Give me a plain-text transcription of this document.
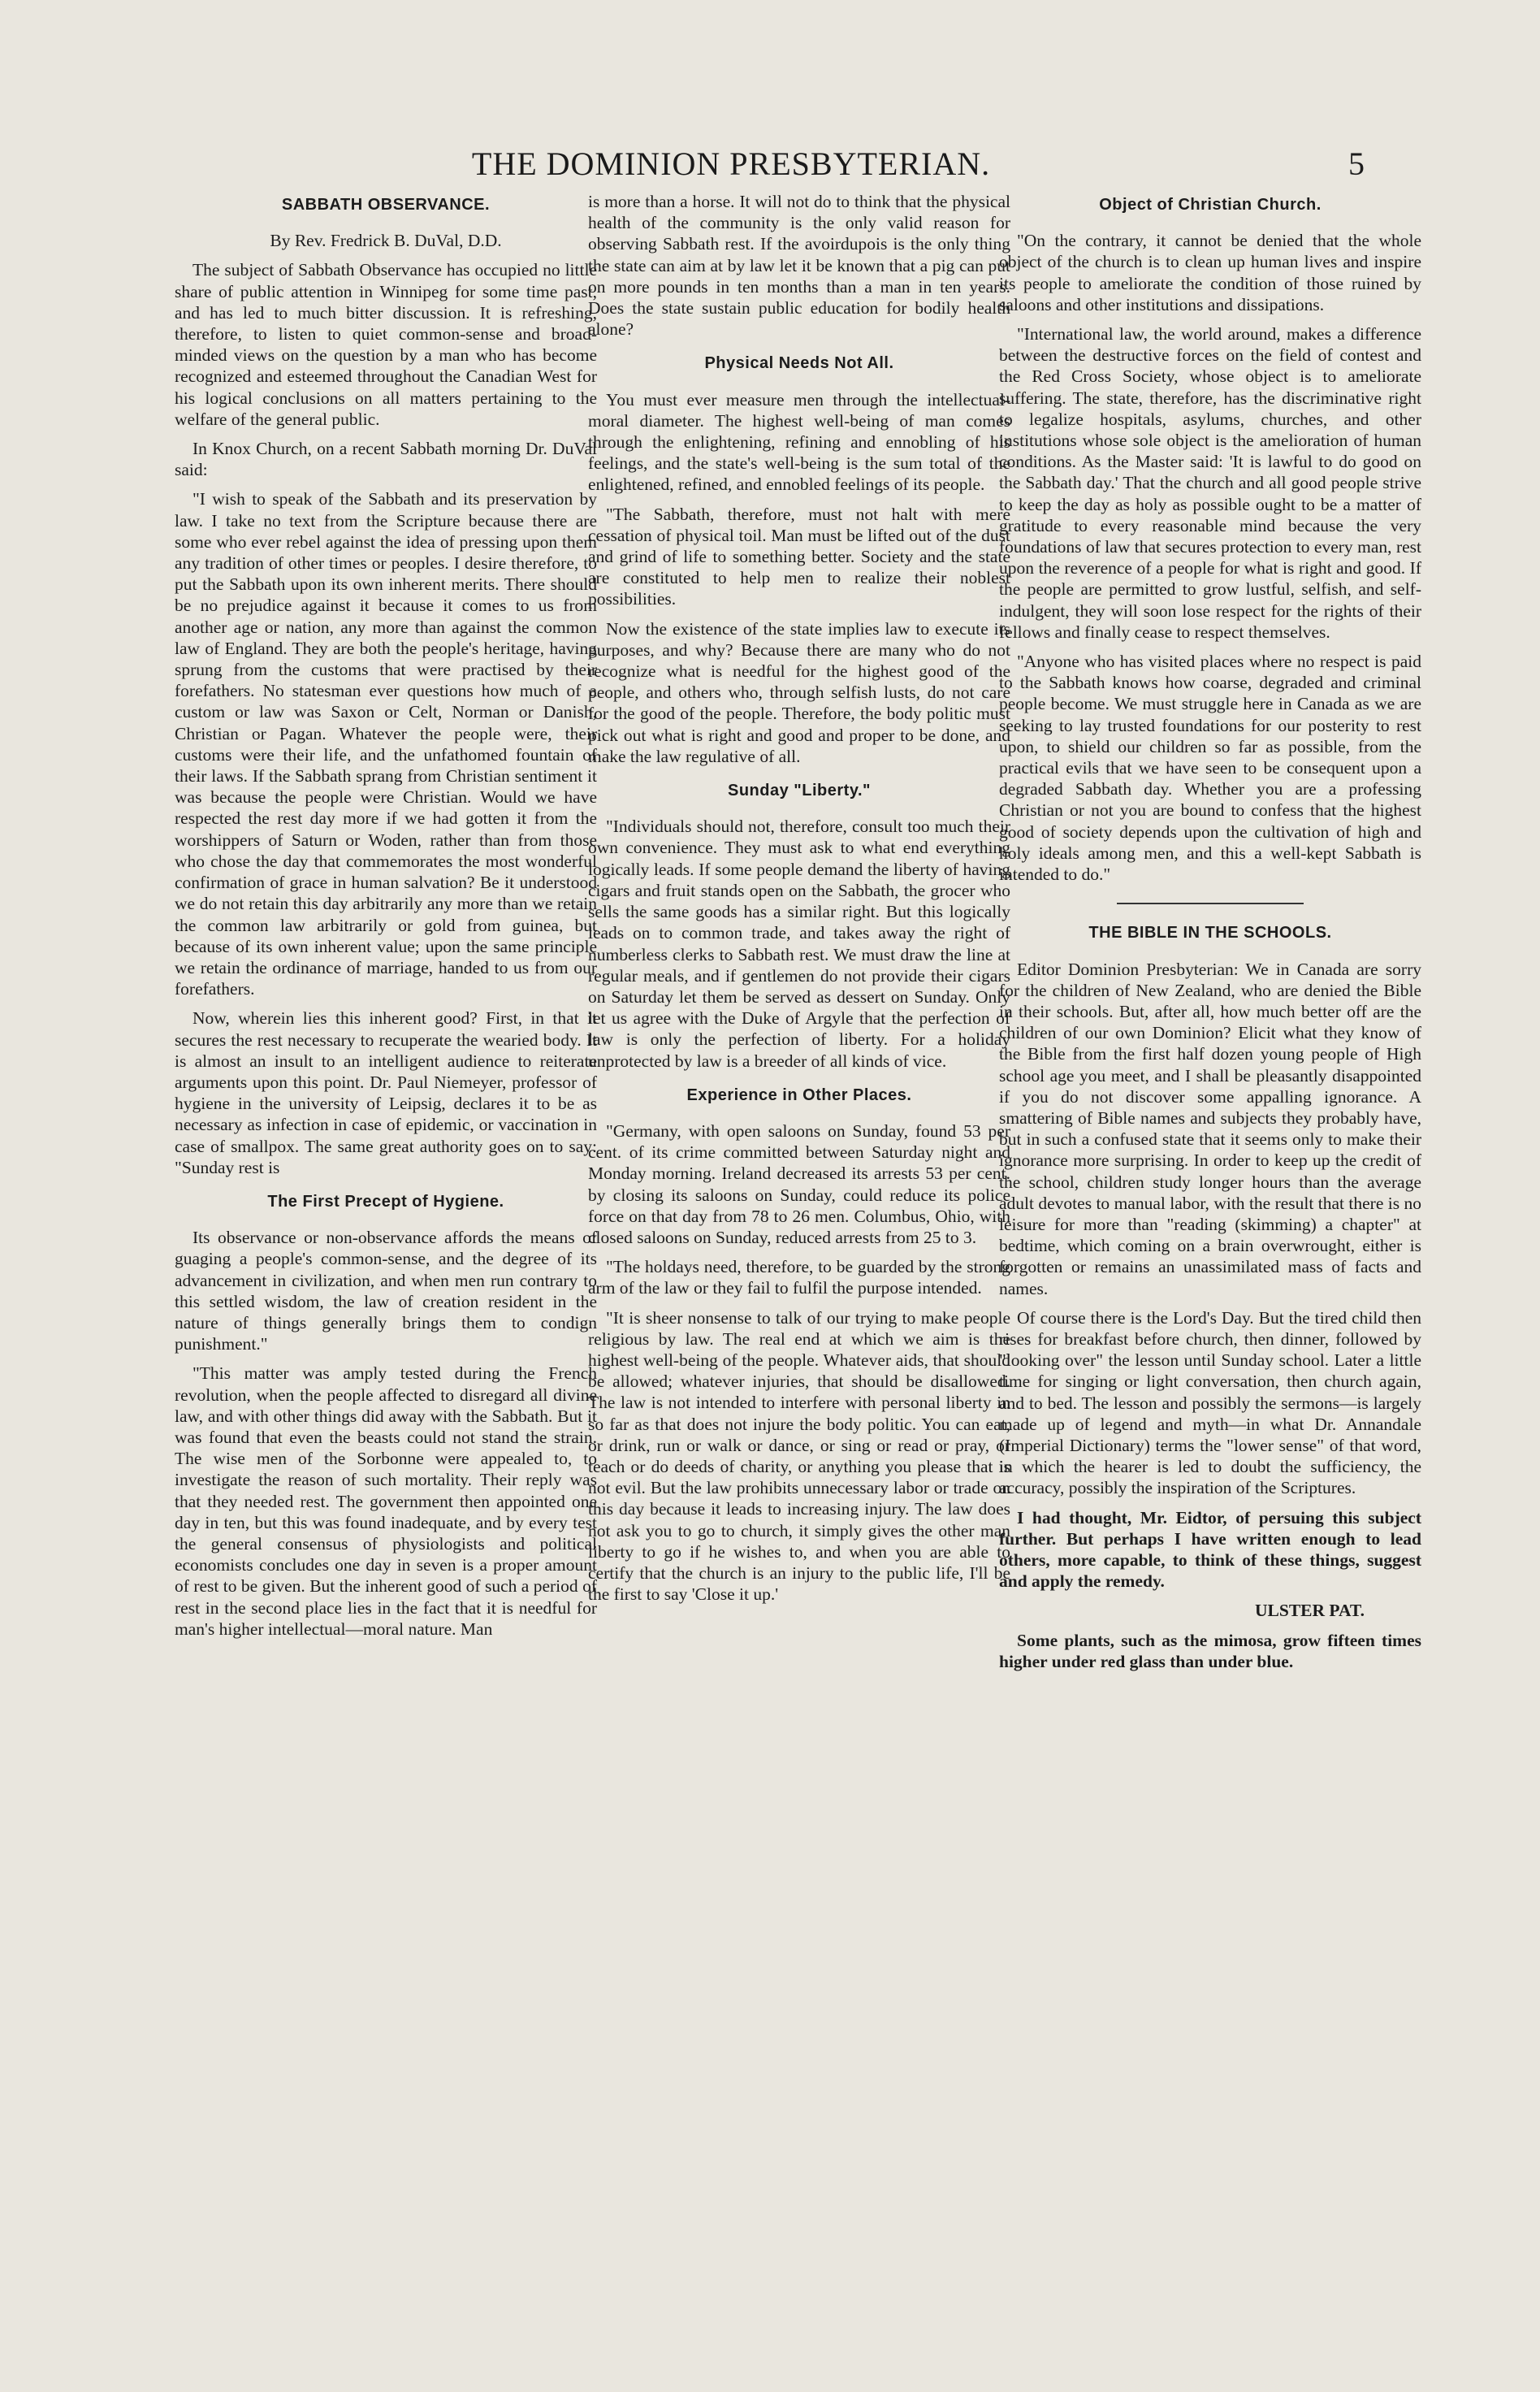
THE DOMINION PRESBYTERIAN.	5
SABBATH OBSERVANCE.

By Rev. Fredrick B. DuVal, D.D.

The subject of Sabbath Observance has occupied no little share of public attention in Winnipeg for some time past, and has led to much bitter discussion. It is refreshing, therefore, to listen to quiet common-sense and broad-minded views on the question by a man who has become recognized and esteemed throughout the Canadian West for his logical conclusions on all matters pertaining to the welfare of the general public.

In Knox Church, on a recent Sabbath morning Dr. DuVal said:

"I wish to speak of the Sabbath and its preservation by law. I take no text from the Scripture because there are some who ever rebel against the idea of pressing upon them any tradition of other times or peoples. I desire therefore, to put the Sabbath upon its own inherent merits. There should be no prejudice against it because it comes to us from another age or nation, any more than against the common law of England. They are both the people's heritage, having sprung from the customs that were practised by their forefathers. No statesman ever questions how much of a custom or law was Saxon or Celt, Norman or Danish, Christian or Pagan. Whatever the people were, their customs were their life, and the unfathomed fountain of their laws. If the Sabbath sprang from Christian sentiment it was because the people were Christian. Would we have respected the rest day more if we had gotten it from the worshippers of Saturn or Woden, rather than from those who chose the day that commemorates the most wonderful confirmation of grace in human salvation? Be it understood we do not retain this day arbitrarily any more than we retain the common law arbitrarily or gold from guinea, but because of its own inherent value; upon the same principle we retain the ordinance of marriage, handed to us from our forefathers.

Now, wherein lies this inherent good? First, in that it secures the rest necessary to recuperate the wearied body. It is almost an insult to an intelligent audience to reiterate arguments upon this point. Dr. Paul Niemeyer, professor of hygiene in the university of Leipsig, declares it to be as necessary as infection in case of epidemic, or vaccination in case of smallpox. The same great authority goes on to say: "Sunday rest is

The First Precept of Hygiene.

Its observance or non-observance affords the means of guaging a people's common-sense, and the degree of its advancement in civilization, and when men run contrary to this settled wisdom, the law of creation resident in the nature of things generally brings them to condign punishment."

"This matter was amply tested during the French revolution, when the people affected to disregard all divine law, and with other things did away with the Sabbath. But it was found that even the beasts could not stand the strain. The wise men of the Sorbonne were appealed to, to investigate the reason of such mortality. Their reply was that they needed rest. The government then appointed one day in ten, but this was found inadequate, and by every test the general consensus of physiologists and political economists concludes one day in seven is a proper amount of rest to be given. But the inherent good of such a period of rest in the second place lies in the fact that it is needful for man's higher intellectual—moral nature. Man

is more than a horse. It will not do to think that the physical health of the community is the only valid reason for observing Sabbath rest. If the avoirdupois is the only thing the state can aim at by law let it be known that a pig can put on more pounds in ten months than a man in ten years. Does the state sustain public education for bodily health alone?

Physical Needs Not All.

You must ever measure men through the intellectual-moral diameter. The highest well-being of man comes through the enlightening, refining and ennobling of his feelings, and the state's well-being is the sum total of the enlightened, refined, and ennobled feelings of its people.

"The Sabbath, therefore, must not halt with mere cessation of physical toil. Man must be lifted out of the dust and grind of life to something better. Society and the state are constituted to help men to realize their noblest possibilities.

Now the existence of the state implies law to execute its purposes, and why? Because there are many who do not recognize what is needful for the highest good of the people, and others who, through selfish lusts, do not care for the good of the people. Therefore, the body politic must pick out what is right and good and proper to be done, and make the law regulative of all.

Sunday "Liberty."

"Individuals should not, therefore, consult too much their own convenience. They must ask to what end everything logically leads. If some people demand the liberty of having cigars and fruit stands open on the Sabbath, the grocer who sells the same goods has a similar right. But this logically leads on to common trade, and takes away the right of numberless clerks to Sabbath rest. We must draw the line at regular meals, and if gentlemen do not provide their cigars on Saturday let them be served as dessert on Sunday. Only let us agree with the Duke of Argyle that the perfection of law is only the perfection of liberty. For a holiday unprotected by law is a breeder of all kinds of vice.

Experience in Other Places.

"Germany, with open saloons on Sunday, found 53 per cent. of its crime committed between Saturday night and Monday morning. Ireland decreased its arrests 53 per cent. by closing its saloons on Sunday, could reduce its police force on that day from 78 to 26 men. Columbus, Ohio, with closed saloons on Sunday, reduced arrests from 25 to 3.

"The holdays need, therefore, to be guarded by the strong arm of the law or they fail to fulfil the purpose intended.

"It is sheer nonsense to talk of our trying to make people religious by law. The real end at which we aim is the highest well-being of the people. Whatever aids, that should be allowed; whatever injuries, that should be disallowed. The law is not intended to interfere with personal liberty in so far as that does not injure the body politic. You can eat, or drink, run or walk or dance, or sing or read or pray, or teach or do deeds of charity, or anything you please that is not evil. But the law prohibits unnecessary labor or trade on this day because it leads to increasing injury. The law does not ask you to go to church, it simply gives the other man liberty to go if he wishes to, and when you are able to certify that the church is an injury to the public life, I'll be the first to say 'Close it up.'

Object of Christian Church.

"On the contrary, it cannot be denied that the whole object of the church is to clean up human lives and inspire its people to ameliorate the condition of those ruined by saloons and other institutions and dissipations.

"International law, the world around, makes a difference between the destructive forces on the field of contest and the Red Cross Society, whose object is to ameliorate suffering. The state, therefore, has the discriminative right to legalize hospitals, asylums, churches, and other institutions whose sole object is the amelioration of human conditions. As the Master said: 'It is lawful to do good on the Sabbath day.' That the church and all good people strive to keep the day as holy as possible ought to be a matter of gratitude to every reasonable mind because the very foundations of law that secures protection to every man, rest upon the reverence of a people for what is right and good. If the people are permitted to grow lustful, selfish, and self-indulgent, they will soon lose respect for the rights of their fellows and finally cease to respect themselves.

"Anyone who has visited places where no respect is paid to the Sabbath knows how coarse, degraded and criminal people become. We must struggle here in Canada as we are seeking to lay trusted foundations for our posterity to rest upon, to shield our children so far as possible, from the practical evils that we have seen to be consequent upon a degraded Sabbath day. Whether you are a professing Christian or not you are bound to confess that the highest good of society depends upon the cultivation of high and holy ideals among men, and this a well-kept Sabbath is intended to do."

THE BIBLE IN THE SCHOOLS.

Editor Dominion Presbyterian: We in Canada are sorry for the children of New Zealand, who are denied the Bible in their schools. But, after all, how much better off are the children of our own Dominion? Elicit what they know of the Bible from the first half dozen young people of High school age you meet, and I shall be pleasantly disappointed if you do not discover some appalling ignorance. A smattering of Bible names and subjects they probably have, but in such a confused state that it seems only to make their ignorance more surprising. In order to keep up the credit of the school, children study longer hours than the average adult devotes to manual labor, with the result that there is no leisure for more than "reading (skimming) a chapter" at bedtime, which coming on a brain overwrought, either is forgotten or remains an unassimilated mass of facts and names.

Of course there is the Lord's Day. But the tired child then rises for breakfast before church, then dinner, followed by "looking over" the lesson until Sunday school. Later a little time for singing or light conversation, then church again, and to bed. The lesson and possibly the sermons—is largely made up of legend and myth—in what Dr. Annandale (Imperial Dictionary) terms the "lower sense" of that word, in which the hearer is led to doubt the sufficiency, the accuracy, possibly the inspiration of the Scriptures.

I had thought, Mr. Eidtor, of persuing this subject further. But perhaps I have written enough to lead others, more capable, to think of these things, suggest and apply the remedy.

ULSTER PAT.

Some plants, such as the mimosa, grow fifteen times higher under red glass than under blue.
